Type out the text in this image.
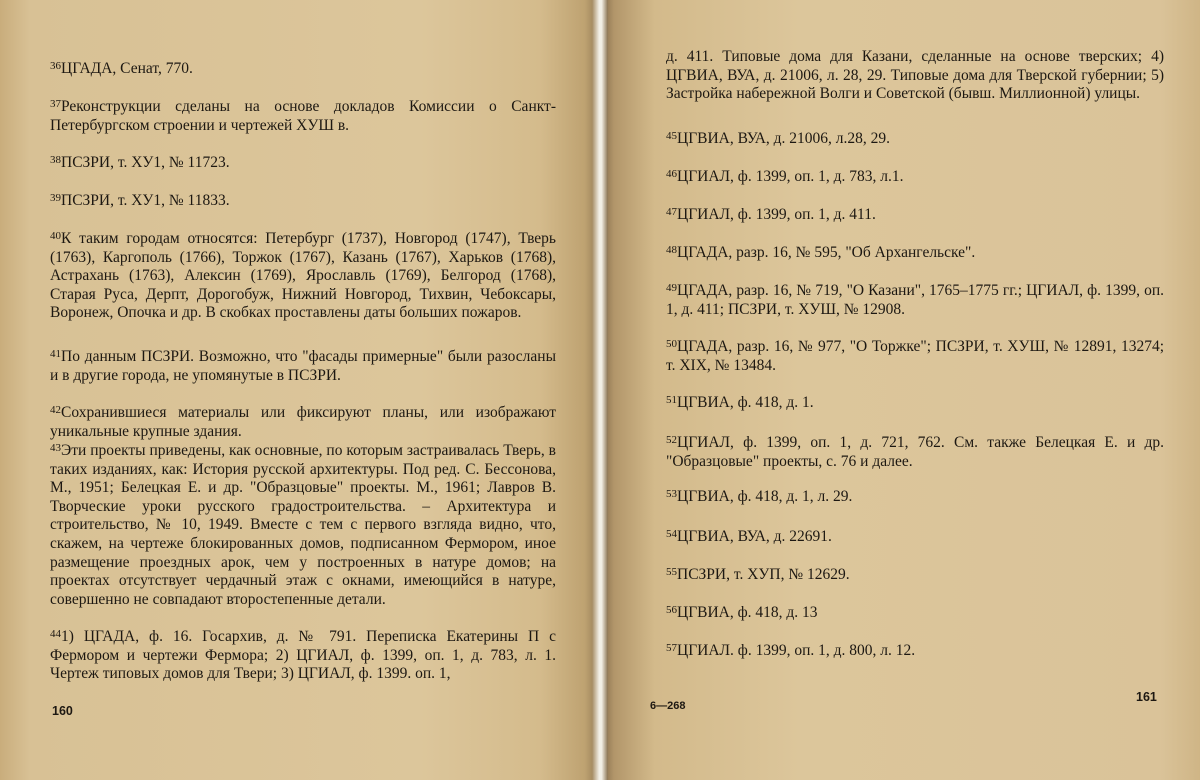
$^{36}$ЦГАДА, Сенат, 770.

$^{37}$Реконструкции сделаны на основе докладов Комиссии о Санкт-Петербургском строении и чертежей ХУШ в.

$^{38}$ПСЗРИ, т. ХУ1, № 11723.

$^{39}$ПСЗРИ, т. ХУ1, № 11833.

$^{40}$К таким городам относятся: Петербург (1737), Новгород (1747), Тверь (1763), Каргополь (1766), Торжок (1767), Казань (1767), Харьков (1768), Астрахань (1763), Алексин (1769), Ярославль (1769), Белгород (1768), Старая Руса, Дерпт, Дорогобуж, Нижний Новгород, Тихвин, Чебоксары, Воронеж, Опочка и др. В скобках проставлены даты больших пожаров.

$^{41}$По данным ПСЗРИ. Возможно, что "фасады примерные" были разосланы и в другие города, не упомянутые в ПСЗРИ.

$^{42}$Сохранившиеся материалы или фиксируют планы, или изображают уникальные крупные здания.

$^{43}$Эти проекты приведены, как основные, по которым застраивалась Тверь, в таких изданиях, как: История русской архитектуры. Под ред. С. Бессонова, М., 1951; Белецкая Е. и др. "Образцовые" проекты. М., 1961; Лавров В. Творческие уроки русского градостроительства. – Архитектура и строительство, № 10, 1949. Вместе с тем с первого взгляда видно, что, скажем, на чертеже блокированных домов, подписанном Фермором, иное размещение проездных арок, чем у построенных в натуре домов; на проектах отсутствует чердачный этаж с окнами, имеющийся в натуре, совершенно не совпадают второстепенные детали.

$^{44}$1) ЦГАДА, ф. 16. Госархив, д. № 791. Переписка Екатерины П с Фермором и чертежи Фермора; 2) ЦГИАЛ, ф. 1399, оп. 1, д. 783, л. 1. Чертеж типовых домов для Твери; 3) ЦГИАЛ, ф. 1399. оп. 1,

160

д. 411. Типовые дома для Казани, сделанные на основе тверских; 4) ЦГВИА, ВУА, д. 21006, л. 28, 29. Типовые дома для Тверской губернии; 5) Застройка набережной Волги и Советской (бывш. Миллионной) улицы.

$^{45}$ЦГВИА, ВУА, д. 21006, л.28, 29.

$^{46}$ЦГИАЛ, ф. 1399, оп. 1, д. 783, л.1.

$^{47}$ЦГИАЛ, ф. 1399, оп. 1, д. 411.

$^{48}$ЦГАДА, разр. 16, № 595, "Об Архангельске".

$^{49}$ЦГАДА, разр. 16, № 719, "О Казани", 1765–1775 гг.; ЦГИАЛ, ф. 1399, оп. 1, д. 411; ПСЗРИ, т. ХУШ, № 12908.

$^{50}$ЦГАДА, разр. 16, № 977, "О Торжке"; ПСЗРИ, т. ХУШ, № 12891, 13274; т. XIX, № 13484.

$^{51}$ЦГВИА, ф. 418, д. 1.

$^{52}$ЦГИАЛ, ф. 1399, оп. 1, д. 721, 762. См. также Белецкая Е. и др. "Образцовые" проекты, с. 76 и далее.

$^{53}$ЦГВИА, ф. 418, д. 1, л. 29.

$^{54}$ЦГВИА, ВУА, д. 22691.

$^{55}$ПСЗРИ, т. ХУП, № 12629.

$^{56}$ЦГВИА, ф. 418, д. 13

$^{57}$ЦГИАЛ. ф. 1399, оп. 1, д. 800, л. 12.

6—268
161
